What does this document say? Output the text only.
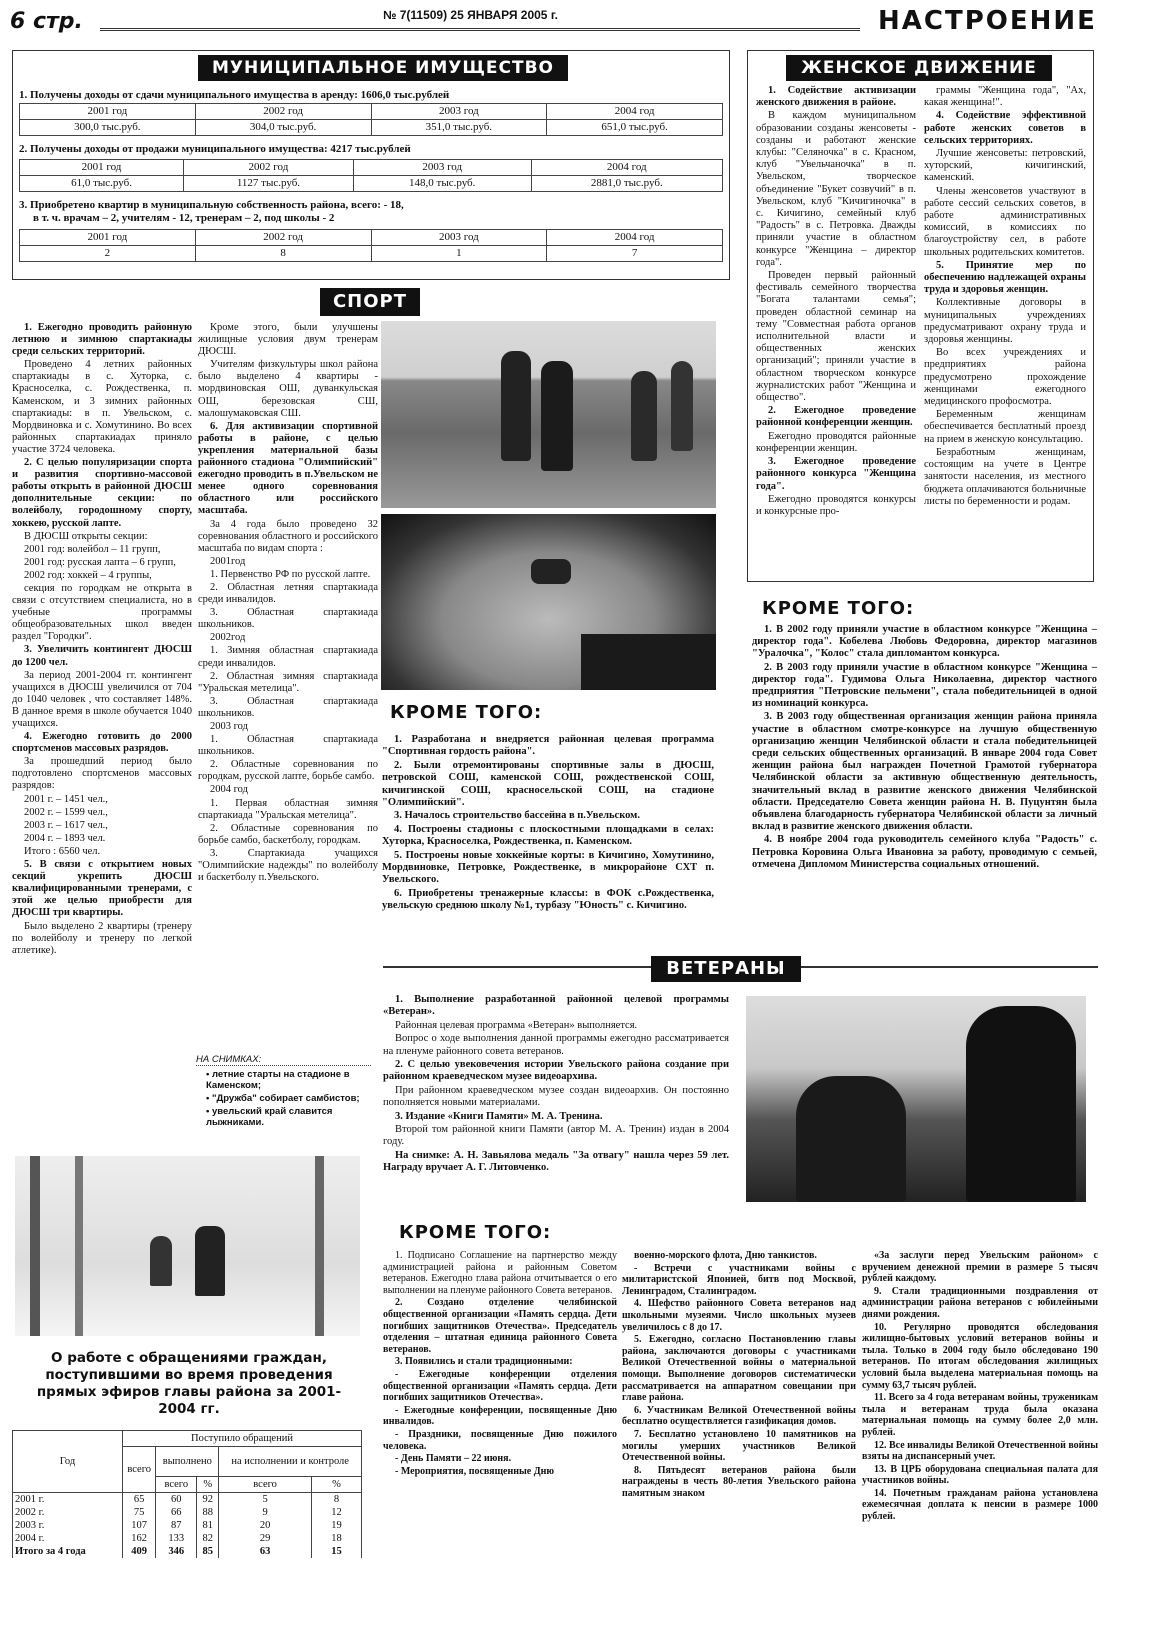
6 стр.	№ 7(11509) 25 ЯНВАРЯ 2005 г.	НАСТРОЕНИЕ
МУНИЦИПАЛЬНОЕ ИМУЩЕСТВО
1. Получены доходы от сдачи муниципального имущества в аренду: 1606,0 тыс.рублей
2001 год	2002 год	2003 год	2004 год
300,0 тыс.руб.	304,0 тыс.руб.	351,0 тыс.руб.	651,0 тыс.руб.
2. Получены доходы от продажи муниципального имущества: 4217 тыс.рублей
2001 год	2002 год	2003 год	2004 год
61,0 тыс.руб.	1127 тыс.руб.	148,0 тыс.руб.	2881,0 тыс.руб.
3. Приобретено квартир в муниципальную собственность района, всего: - 18,
в т. ч. врачам – 2, учителям - 12, тренерам – 2, под школы - 2
2001 год	2002 год	2003 год	2004 год
2	8	1	7
СПОРТ

1. Ежегодно проводить районную летнюю и зимнюю спартакиады среди сельских территорий.

Проведено 4 летних районных спартакиады в с. Хуторка, с. Красноселка, с. Рождественка, п. Каменском, и 3 зимних районных спартакиады: в п. Увельском, с. Мордвиновка и с. Хомутинино. Во всех районных спартакиадах приняло участие 3724 человека.

2. С целью популяризации спорта и развития спортивно-массовой работы открыть в районной ДЮСШ дополнительные секции: по волейболу, городошному спорту, хоккею, русской лапте.

В ДЮСШ открыты секции:

2001 год: волейбол – 11 групп,

2001 год: русская лапта – 6 групп,

2002 год: хоккей – 4 группы,

секция по городкам не открыта в связи с отсутствием специалиста, но в учебные программы общеобразовательных школ введен раздел "Городки".

3. Увеличить контингент ДЮСШ до 1200 чел.

За период 2001-2004 гг. контингент учащихся в ДЮСШ увеличился от 704 до 1040 человек , что составляет 148%. В данное время в школе обучается 1040 учащихся.

4. Ежегодно готовить до 2000 спортсменов массовых разрядов.

За прошедший период было подготовлено спортсменов массовых разрядов:

2001 г. – 1451 чел.,

2002 г. – 1599 чел.,

2003 г. – 1617 чел.,

2004 г. – 1893 чел.

Итого : 6560 чел.

5. В связи с открытием новых секций укрепить ДЮСШ квалифицированными тренерами, с этой же целью приобрести для ДЮСШ три квартиры.

Было выделено 2 квартиры (тренеру по волейболу и тренеру по легкой атлетике).

Кроме этого, были улучшены жилищные условия двум тренерам ДЮСШ.

Учителям физкультуры школ района было выделено 4 квартиры - мордвиновская ОШ, дуванкульская ОШ, березовская СШ, малошумаковская СШ.

6. Для активизации спортивной работы в районе, с целью укрепления материальной базы районного стадиона "Олимпийский" ежегодно проводить в п.Увельском не менее одного соревнования областного или российского масштаба.

За 4 года было проведено 32 соревнования областного и российского масштаба по видам спорта :

2001год

1. Первенство РФ по русской лапте.

2. Областная летняя спартакиада среди инвалидов.

3. Областная спартакиада школьников.

2002год

1. Зимняя областная спартакиада среди инвалидов.

2. Областная зимняя спартакиада "Уральская метелица".

3. Областная спартакиада школьников.

2003 год

1. Областная спартакиада школьников.

2. Областные соревнования по городкам, русской лапте, борьбе самбо.

2004 год

1. Первая областная зимняя спартакиада "Уральская метелица".

2. Областные соревнования по борьбе самбо, баскетболу, городкам.

3. Спартакиада учащихся "Олимпийские надежды" по волейболу и баскетболу п.Увельского.

НА СНИМКАХ:
• летние старты на стадионе в Каменском;
• "Дружба" собирает самбистов;
• увельский край славится лыжниками.
КРОМЕ ТОГО:

1. Разработана и внедряется районная целевая программа "Спортивная гордость района".

2. Были отремонтированы спортивные залы в ДЮСШ, петровской СОШ, каменской СОШ, рождественской СОШ, кичигинской СОШ, красносельской СОШ, на стадионе "Олимпийский".

3. Началось строительство бассейна в п.Увельском.

4. Построены стадионы с плоскостными площадками в селах: Хуторка, Красноселка, Рождественка, п. Каменском.

5. Построены новые хоккейные корты: в Кичигино, Хомутинино, Мордвиновке, Петровке, Рождественке, в микрорайоне СХТ п. Увельского.

6. Приобретены тренажерные классы: в ФОК с.Рождественка, увельскую среднюю школу №1, турбазу "Юность" с. Кичигино.

ЖЕНСКОЕ ДВИЖЕНИЕ

1. Содействие активизации женского движения в районе.

В каждом муниципальном образовании созданы женсоветы - созданы и работают женские клубы: "Селяночка" в с. Красном, клуб "Увельчаночка" в п. Увельском, творческое объединение "Букет созвучий" в п. Увельском, клуб "Кичигиночка" в с. Кичигино, семейный клуб "Радость" в с. Петровка. Дважды приняли участие в областном конкурсе "Женщина – директор года".

Проведен первый районный фестиваль семейного творчества "Богата талантами семья"; проведен областной семинар на тему "Совместная работа органов исполнительной власти и общественных женских организаций"; приняли участие в областном творческом конкурсе журналистских работ "Женщина и общество".

2. Ежегодное проведение районной конференции женщин.

Ежегодно проводятся районные конференции женщин.

3. Ежегодное проведение районного конкурса "Женщина года".

Ежегодно проводятся конкурсы и конкурсные про-

граммы "Женщина года", "Ах, какая женщина!".

4. Содействие эффективной работе женских советов в сельских территориях.

Лучшие женсоветы: петровский, хуторский, кичигинский, каменский.

Члены женсоветов участвуют в работе сессий сельских советов, в работе административных комиссий, в комиссиях по благоустройству сел, в работе школьных родительских комитетов.

5. Принятие мер по обеспечению надлежащей охраны труда и здоровья женщин.

Коллективные договоры в муниципальных учреждениях предусматривают охрану труда и здоровья женщины.

Во всех учреждениях и предприятиях района предусмотрено прохождение женщинами ежегодного медицинского профосмотра.

Беременным женщинам обеспечивается бесплатный проезд на прием в женскую консультацию.

Безработным женщинам, состоящим на учете в Центре занятости населения, из местного бюджета оплачиваются больничные листы по беременности и родам.

КРОМЕ ТОГО:

1. В 2002 году приняли участие в областном конкурсе "Женщина – директор года". Кобелева Любовь Федоровна, директор магазинов "Уралочка", "Колос" стала дипломантом конкурса.

2. В 2003 году приняли участие в областном конкурсе "Женщина – директор года". Гудимова Ольга Николаевна, директор частного предприятия "Петровские пельмени", стала победительницей в одной из номинаций конкурса.

3. В 2003 году общественная организация женщин района приняла участие в областном смотре-конкурсе на лучшую общественную организацию женщин Челябинской области и стала победительницей среди сельских общественных организаций. В январе 2004 года Совет женщин района был награжден Почетной Грамотой губернатора Челябинской области за активную общественную деятельность, значительный вклад в развитие женского движения Челябинской области. Председателю Совета женщин района Н. В. Пуцунтян была объявлена благодарность губернатора Челябинской области за личный вклад в развитие женского движения области.

4. В ноябре 2004 года руководитель семейного клуба "Радость" с. Петровка Коровина Ольга Ивановна за работу, проводимую с семьей, отмечена Дипломом Министерства социальных отношений.

ВЕТЕРАНЫ

1. Выполнение разработанной районной целевой программы «Ветеран».

Районная целевая программа «Ветеран» выполняется.

Вопрос о ходе выполнения данной программы ежегодно рассматривается на пленуме районного совета ветеранов.

2. С целью увековечения истории Увельского района создание при районном краеведческом музее видеоархива.

При районном краеведческом музее создан видеоархив. Он постоянно пополняется новыми материалами.

3. Издание «Книги Памяти» М. А. Тренина.

Второй том районной книги Памяти (автор М. А. Тренин) издан в 2004 году.

На снимке: А. Н. Завьялова медаль "За отвагу" нашла через 59 лет. Награду вручает А. Г. Литовченко.

КРОМЕ ТОГО:

1. Подписано Соглашение на партнерство между администрацией района и районным Советом ветеранов. Ежегодно глава района отчитывается о его выполнении на пленуме районного Совета ветеранов.

2. Создано отделение челябинской общественной организации «Память сердца. Дети погибших защитников Отечества». Председатель отделения – штатная единица районного Совета ветеранов.

3. Появились и стали традиционными:

- Ежегодные конференции отделения общественной организации «Память сердца. Дети погибших защитников Отечества».

- Ежегодные конференции, посвященные Дню инвалидов.

- Праздники, посвященные Дню пожилого человека.

- День Памяти – 22 июня.

- Мероприятия, посвященные Дню

военно-морского флота, Дню танкистов.

- Встречи с участниками войны с милитаристской Японией, битв под Москвой, Ленинградом, Сталинградом.

4. Шефство районного Совета ветеранов над школьными музеями. Число школьных музеев увеличилось с 8 до 17.

5. Ежегодно, согласно Постановлению главы района, заключаются договоры с участниками Великой Отечественной войны о материальной помощи. Выполнение договоров систематически рассматривается на аппаратном совещании при главе района.

6. Участникам Великой Отечественной войны бесплатно осуществляется газификация домов.

7. Бесплатно установлено 10 памятников на могилы умерших участников Великой Отечественной войны.

8. Пятьдесят ветеранов района были награждены в честь 80-летия Увельского района памятным знаком

«За заслуги перед Увельским районом» с вручением денежной премии в размере 5 тысяч рублей каждому.

9. Стали традиционными поздравления от администрации района ветеранов с юбилейными днями рождения.

10. Регулярно проводятся обследования жилищно-бытовых условий ветеранов войны и тыла. Только в 2004 году было обследовано 190 ветеранов. По итогам обследования жилищных условий была выделена материальная помощь на сумму 63,7 тысяч рублей.

11. Всего за 4 года ветеранам войны, труженикам тыла и ветеранам труда была оказана материальная помощь на сумму более 2,0 млн. рублей.

12. Все инвалиды Великой Отечественной войны взяты на диспансерный учет.

13. В ЦРБ оборудована специальная палата для участников войны.

14. Почетным гражданам района установлена ежемесячная доплата к пенсии в размере 1000 рублей.

О работе с обращениями граждан, поступившими во время проведения прямых эфиров главы района за 2001-2004 гг.
Год	Поступило обращений				
	всего	выполнено		на исполнении и контроле	
		всего	%	всего	%
2001 г.	65	60	92	5	8
2002 г.	75	66	88	9	12
2003 г.	107	87	81	20	19
2004 г.	162	133	82	29	18
Итого за 4 года	409	346	85	63	15
